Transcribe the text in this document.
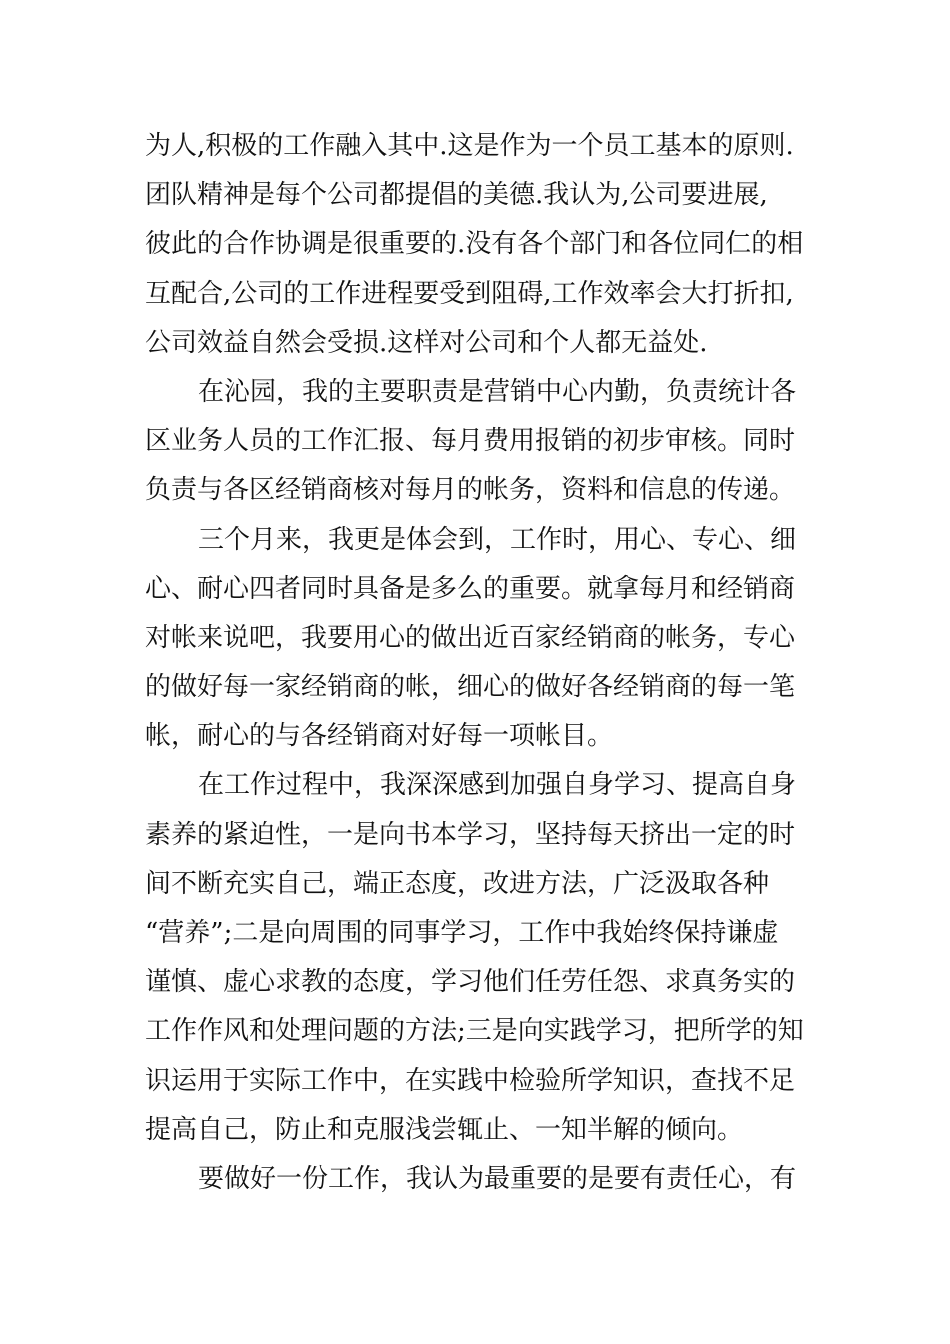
为人,积极的工作融入其中.这是作为一个员工基本的原则.
团队精神是每个公司都提倡的美德.我认为,公司要进展,
彼此的合作协调是很重要的.没有各个部门和各位同仁的相
互配合,公司的工作进程要受到阻碍,工作效率会大打折扣,
公司效益自然会受损.这样对公司和个人都无益处.
在沁园，我的主要职责是营销中心内勤，负责统计各
区业务人员的工作汇报、每月费用报销的初步审核。同时
负责与各区经销商核对每月的帐务，资料和信息的传递。
三个月来，我更是体会到，工作时，用心、专心、细
心、耐心四者同时具备是多么的重要。就拿每月和经销商
对帐来说吧，我要用心的做出近百家经销商的帐务，专心
的做好每一家经销商的帐，细心的做好各经销商的每一笔
帐，耐心的与各经销商对好每一项帐目。
在工作过程中，我深深感到加强自身学习、提高自身
素养的紧迫性，一是向书本学习，坚持每天挤出一定的时
间不断充实自己，端正态度，改进方法，广泛汲取各种
“营养”;二是向周围的同事学习，工作中我始终保持谦虚
谨慎、虚心求教的态度，学习他们任劳任怨、求真务实的
工作作风和处理问题的方法;三是向实践学习，把所学的知
识运用于实际工作中，在实践中检验所学知识，查找不足
提高自己，防止和克服浅尝辄止、一知半解的倾向。
要做好一份工作，我认为最重要的是要有责任心，有
